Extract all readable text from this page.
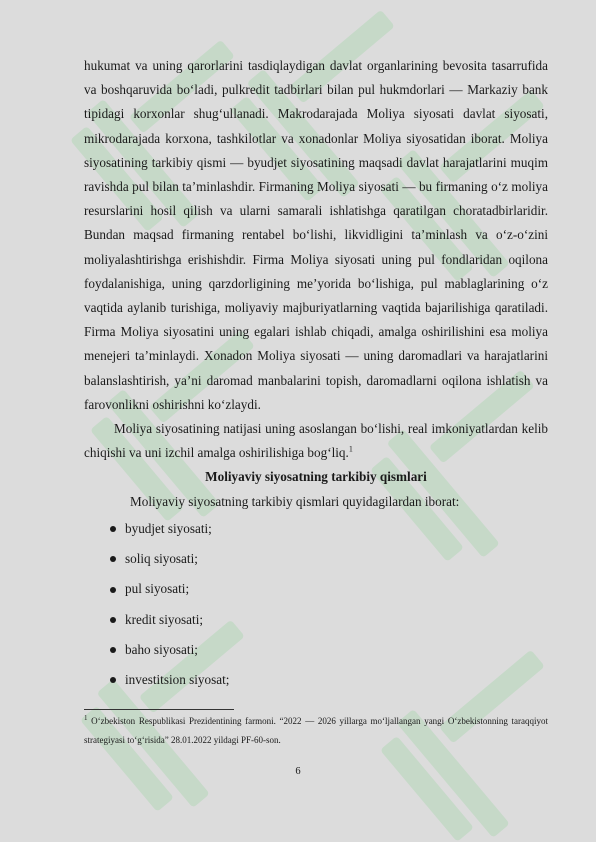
hukumat va uning qarorlarini tasdiqlaydigan davlat organlarining bevosita tasarrufida va boshqaruvida boʻladi, pulkredit tadbirlari bilan pul hukmdorlari — Markaziy bank tipidagi korxonlar shugʻullanadi. Makrodarajada Moliya siyosati davlat siyosati, mikrodarajada korxona, tashkilotlar va xonadonlar Moliya siyosatidan iborat. Moliya siyosatining tarkibiy qismi — byudjet siyosatining maqsadi davlat harajatlarini muqim ravishda pul bilan taʼminlashdir. Firmaning Moliya siyosati — bu firmaning oʻz moliya resurslarini hosil qilish va ularni samarali ishlatishga qaratilgan choratadbirlaridir. Bundan maqsad firmaning rentabel boʻlishi, likvidligini taʼminlash va oʻz-oʻzini moliyalashtirishga erishishdir. Firma Moliya siyosati uning pul fondlaridan oqilona foydalanishiga, uning qarzdorligining meʼyorida boʻlishiga, pul mablaglarining oʻz vaqtida aylanib turishiga, moliyaviy majburiyatlarning vaqtida bajarilishiga qaratiladi. Firma Moliya siyosatini uning egalari ishlab chiqadi, amalga oshirilishini esa moliya menejeri taʼminlaydi. Xonadon Moliya siyosati — uning daromadlari va harajatlarini balanslashtirish, yaʼni daromad manbalarini topish, daromadlarni oqilona ishlatish va farovonlikni oshirishni koʻzlaydi.

Moliya siyosatining natijasi uning asoslangan boʻlishi, real imkoniyatlardan kelib chiqishi va uni izchil amalga oshirilishiga bogʻliq.$^1$

Moliyaviy siyosatning tarkibiy qismlari

Moliyaviy siyosatning tarkibiy qismlari quyidagilardan iborat:

byudjet siyosati;
soliq siyosati;
pul siyosati;
kredit siyosati;
baho siyosati;
investitsion siyosat;

$^1$ Oʻzbekiston Respublikasi Prezidentining farmoni. “2022 — 2026 yillarga moʻljallangan yangi Oʻzbekistonning taraqqiyot strategiyasi toʻgʻrisida” 28.01.2022 yildagi PF-60-son.

6
